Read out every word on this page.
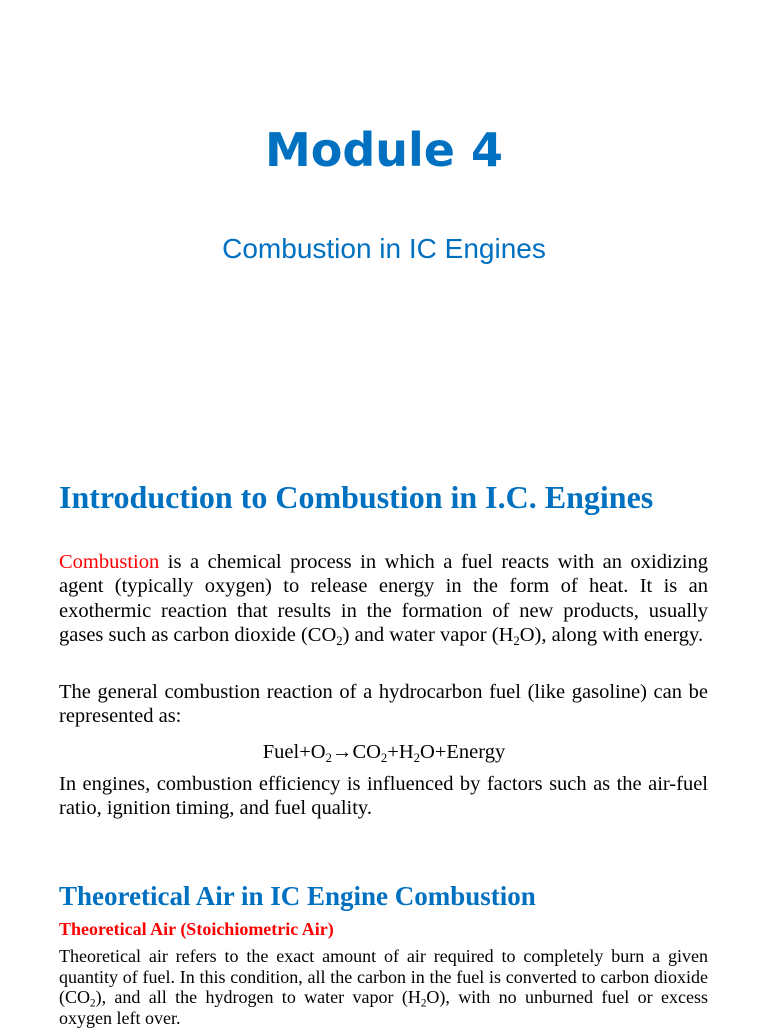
Module 4
Combustion in IC Engines
Introduction to Combustion in I.C. Engines

Combustion is a chemical process in which a fuel reacts with an oxidizing agent (typically oxygen) to release energy in the form of heat. It is an exothermic reaction that results in the formation of new products, usually gases such as carbon dioxide $(CO_2)$ and water vapor $(H_2O)$, along with energy.

The general combustion reaction of a hydrocarbon fuel (like gasoline) can be represented as:

$Fuel+O_2\to CO_2+H_2O+Energy$

In engines, combustion efficiency is influenced by factors such as the air-fuel ratio, ignition timing, and fuel quality.

Theoretical Air in IC Engine Combustion
Theoretical Air (Stoichiometric Air)

Theoretical air refers to the exact amount of air required to completely burn a given quantity of fuel. In this condition, all the carbon in the fuel is converted to carbon dioxide $(CO_2)$, and all the hydrogen to water vapor $(H_2O)$, with no unburned fuel or excess oxygen left over.
